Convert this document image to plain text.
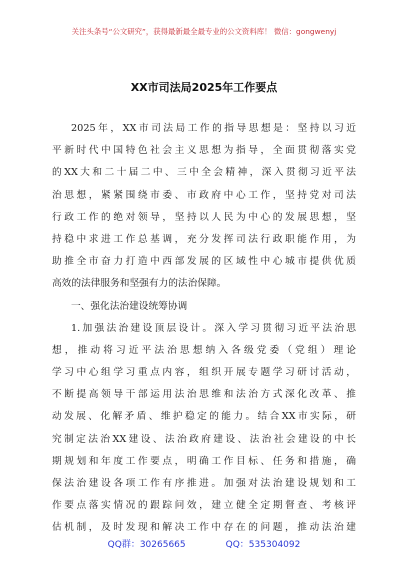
关注头条号“公文研究”，获得最新最全最专业的公文资料库！ 微信：gongwenyj
XX市司法局2025年工作要点
2025年，XX市司法局工作的指导思想是：坚持以习近
平新时代中国特色社会主义思想为指导，全面贯彻落实党
的XX大和二十届二中、三中全会精神，深入贯彻习近平法
治思想，紧紧围绕市委、市政府中心工作，坚持党对司法
行政工作的绝对领导，坚持以人民为中心的发展思想，坚
持稳中求进工作总基调，充分发挥司法行政职能作用，为
助推全市奋力打造中西部发展的区域性中心城市提供优质
高效的法律服务和坚强有力的法治保障。
一、强化法治建设统筹协调
1.加强法治建设顶层设计。深入学习贯彻习近平法治思
想，推动将习近平法治思想纳入各级党委（党组）理论
学习中心组学习重点内容，组织开展专题学习研讨活动，
不断提高领导干部运用法治思维和法治方式深化改革、推
动发展、化解矛盾、维护稳定的能力。结合XX市实际，研
究制定法治XX建设、法治政府建设、法治社会建设的中长
期规划和年度工作要点，明确工作目标、任务和措施，确
保法治建设各项工作有序推进。加强对法治建设规划和工
作要点落实情况的跟踪问效，建立健全定期督查、考核评
估机制，及时发现和解决工作中存在的问题，推动法治建
QQ群：30265665	QQ：535304092
